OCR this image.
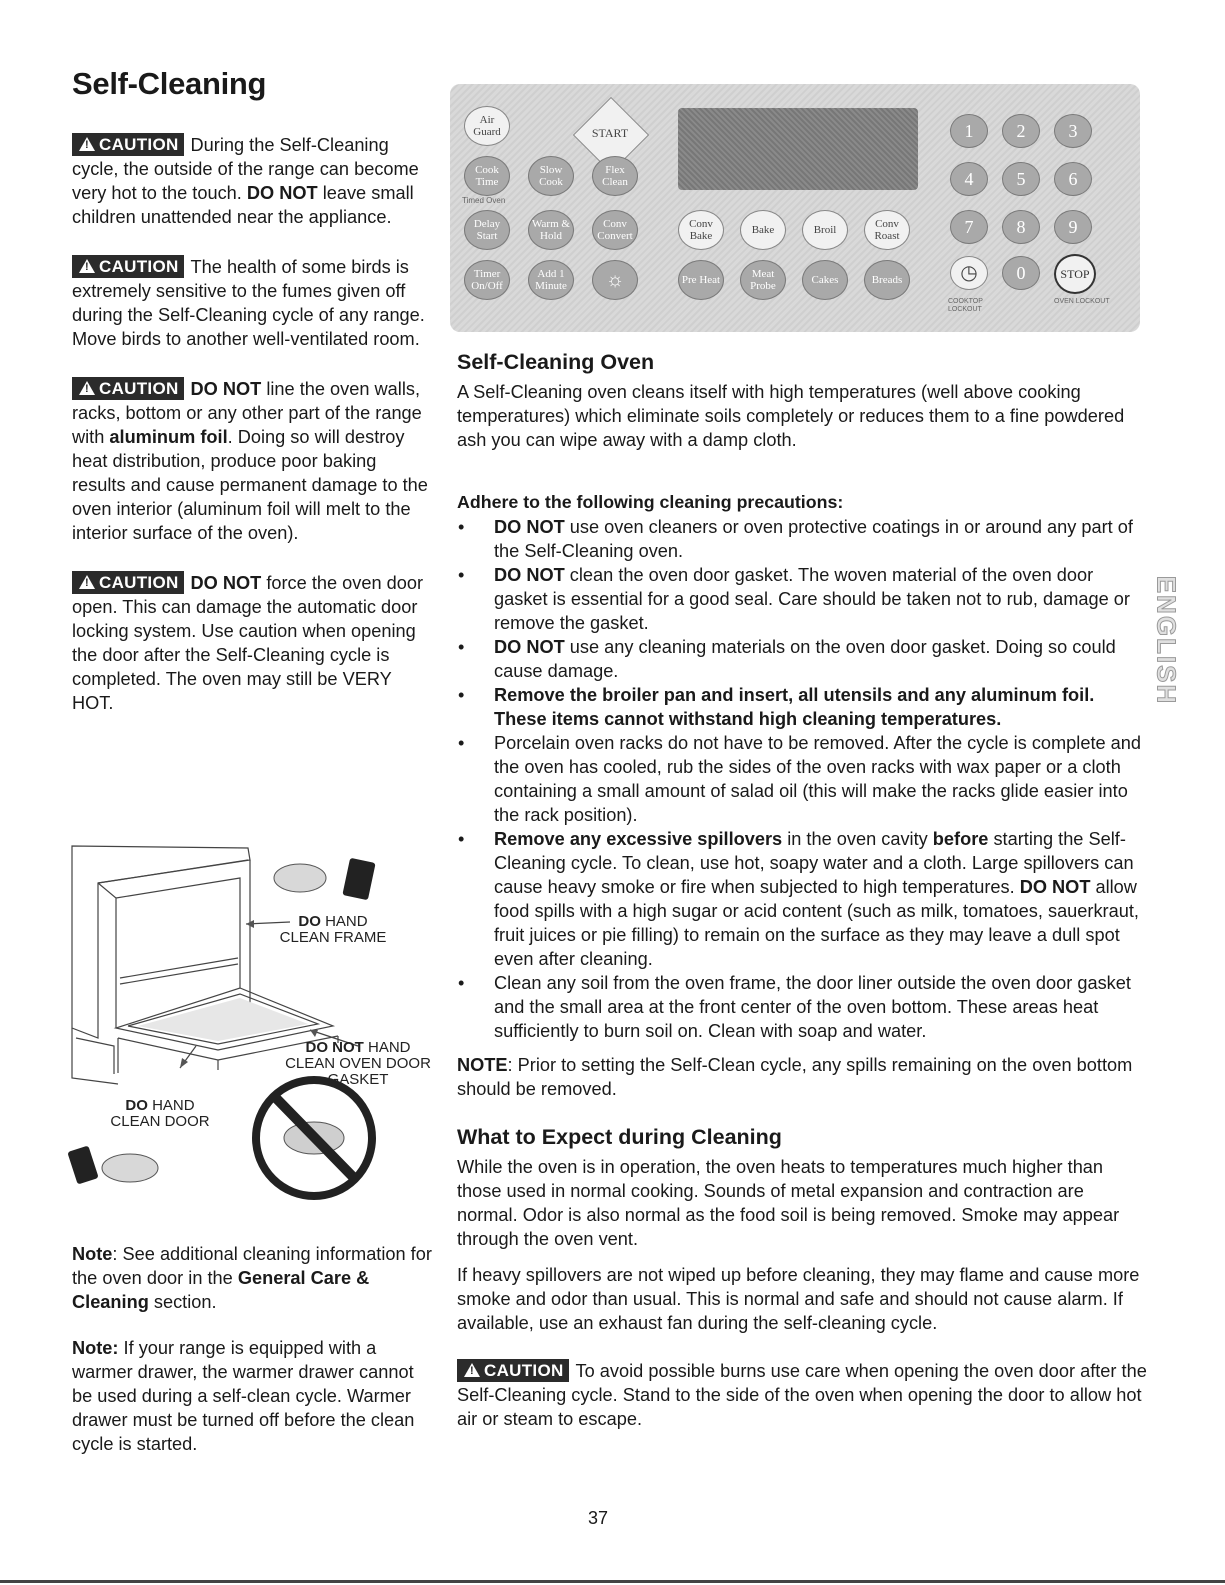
Self-Cleaning

! CAUTION During the Self-Cleaning cycle, the outside of the range can become very hot to the touch. DO NOT leave small children unattended near the appliance.

! CAUTION The health of some birds is extremely sensitive to the fumes given off during the Self-Cleaning cycle of any range. Move birds to another well-ventilated room.

! CAUTION DO NOT line the oven walls, racks, bottom or any other part of the range with aluminum foil. Doing so will destroy heat distribution, produce poor baking results and cause permanent damage to the oven interior (aluminum foil will melt to the interior surface of the oven).

! CAUTION DO NOT force the oven door open. This can damage the automatic door locking system. Use caution when opening the door after the Self-Cleaning cycle is completed. The oven may still be VERY HOT.

DO HAND
CLEAN FRAME
DO NOT HAND
CLEAN OVEN DOOR
GASKET
DO HAND
CLEAN DOOR

Note: See additional cleaning information for the oven door in the General Care & Cleaning section.

Note: If your range is equipped with a warmer drawer, the warmer drawer cannot be used during a self-clean cycle. Warmer drawer must be turned off before the clean cycle is started.

Air Guard	START
Cook Time
Slow Cook
Flex Clean
Timed Oven
Delay Start
Warm & Hold
Conv Convert
Conv Bake	Bake	Broil	Conv Roast
Timer On/Off
Add 1 Minute	☼	Pre Heat	Meat Probe	Cakes	Breads
1	2	3
4	5	6
7	8	9
◷	0	STOP
COOKTOP LOCKOUT
OVEN LOCKOUT
Self-Cleaning Oven

A Self-Cleaning oven cleans itself with high temperatures (well above cooking temperatures) which eliminate soils completely or reduces them to a fine powdered ash you can wipe away with a damp cloth.

Adhere to the following cleaning precautions:
• DO NOT use oven cleaners or oven protective coatings in or around any part of the Self-Cleaning oven.
• DO NOT clean the oven door gasket. The woven material of the oven door gasket is essential for a good seal. Care should be taken not to rub, damage or remove the gasket.
• DO NOT use any cleaning materials on the oven door gasket. Doing so could cause damage.
• Remove the broiler pan and insert, all utensils and any aluminum foil. These items cannot withstand high cleaning temperatures.
• Porcelain oven racks do not have to be removed. After the cycle is complete and the oven has cooled, rub the sides of the oven racks with wax paper or a cloth containing a small amount of salad oil (this will make the racks glide easier into the rack position).
• Remove any excessive spillovers in the oven cavity before starting the Self-Cleaning cycle. To clean, use hot, soapy water and a cloth. Large spillovers can cause heavy smoke or fire when subjected to high temperatures. DO NOT allow food spills with a high sugar or acid content (such as milk, tomatoes, sauerkraut, fruit juices or pie filling) to remain on the surface as they may leave a dull spot even after cleaning.
• Clean any soil from the oven frame, the door liner outside the oven door gasket and the small area at the front center of the oven bottom. These areas heat sufficiently to burn soil on. Clean with soap and water.

NOTE: Prior to setting the Self-Clean cycle, any spills remaining on the oven bottom should be removed.

What to Expect during Cleaning

While the oven is in operation, the oven heats to temperatures much higher than those used in normal cooking. Sounds of metal expansion and contraction are normal. Odor is also normal as the food soil is being removed. Smoke may appear through the oven vent.

If heavy spillovers are not wiped up before cleaning, they may flame and cause more smoke and odor than usual. This is normal and safe and should not cause alarm. If available, use an exhaust fan during the self-cleaning cycle.

! CAUTION To avoid possible burns use care when opening the oven door after the Self-Cleaning cycle. Stand to the side of the oven when opening the door to allow hot air or steam to escape.

ENGLISH
37
